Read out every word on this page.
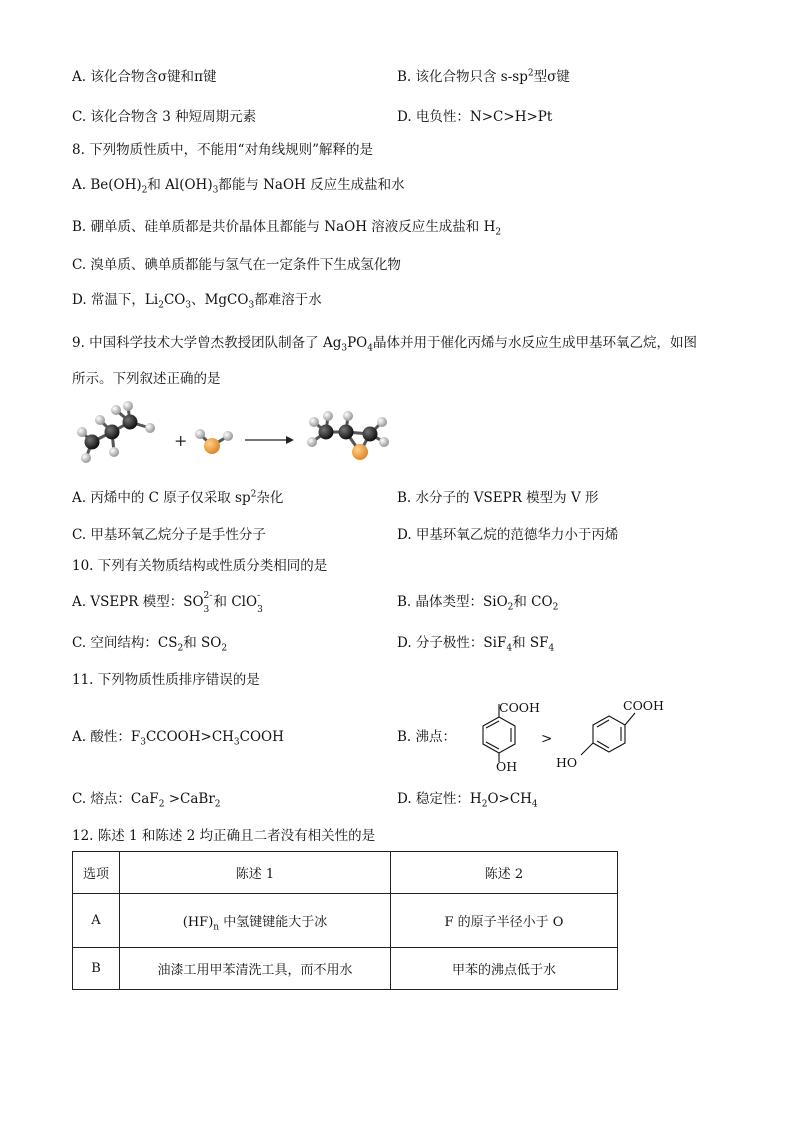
A. 该化合物含σ键和π键	B. 该化合物只含 $s-sp^2$型σ键
C. 该化合物含 3 种短周期元素	D. 电负性：N>C>H>Pt
8. 下列物质性质中，不能用“对角线规则”解释的是
A. $Be(OH)_2$和 $Al(OH)_3$都能与 NaOH 反应生成盐和水
B. 硼单质、硅单质都是共价晶体且都能与 NaOH 溶液反应生成盐和 $H_2$
C. 溴单质、碘单质都能与氢气在一定条件下生成氢化物
D. 常温下，$Li_2CO_3$、MgCO$_3$都难溶于水
9. 中国科学技术大学曾杰教授团队制备了 $Ag_3PO_4$晶体并用于催化丙烯与水反应生成甲基环氧乙烷，如图
所示。下列叙述正确的是
+
A. 丙烯中的 C 原子仅采取 $sp^2$杂化	B. 水分子的 VSEPR 模型为 V 形
C. 甲基环氧乙烷分子是手性分子	D. 甲基环氧乙烷的范德华力小于丙烯
10. 下列有关物质结构或性质分类相同的是
A. VSEPR 模型：SO 2-
3 和 ClO -
3	B. 晶体类型：SiO$_2$和 $CO_2$
C. 空间结构：$CS_2$和 $SO_2$	D. 分子极性：SiF$_4$和 $SF_4$
11. 下列物质性质排序错误的是
A. 酸性：$F_3CCOOH>CH_3COOH$	B. 沸点：
COOH
OH
>
COOH
HO
C. 熔点：CaF$_2$ >CaBr$_2$	D. 稳定性：$H_2O>CH_4$
12. 陈述 1 和陈述 2 均正确且二者没有相关性的是
选项	陈述 1	陈述 2
A	$(HF)_n$ 中氢键键能大于冰	F 的原子半径小于 O
B	油漆工用甲苯清洗工具，而不用水	甲苯的沸点低于水
